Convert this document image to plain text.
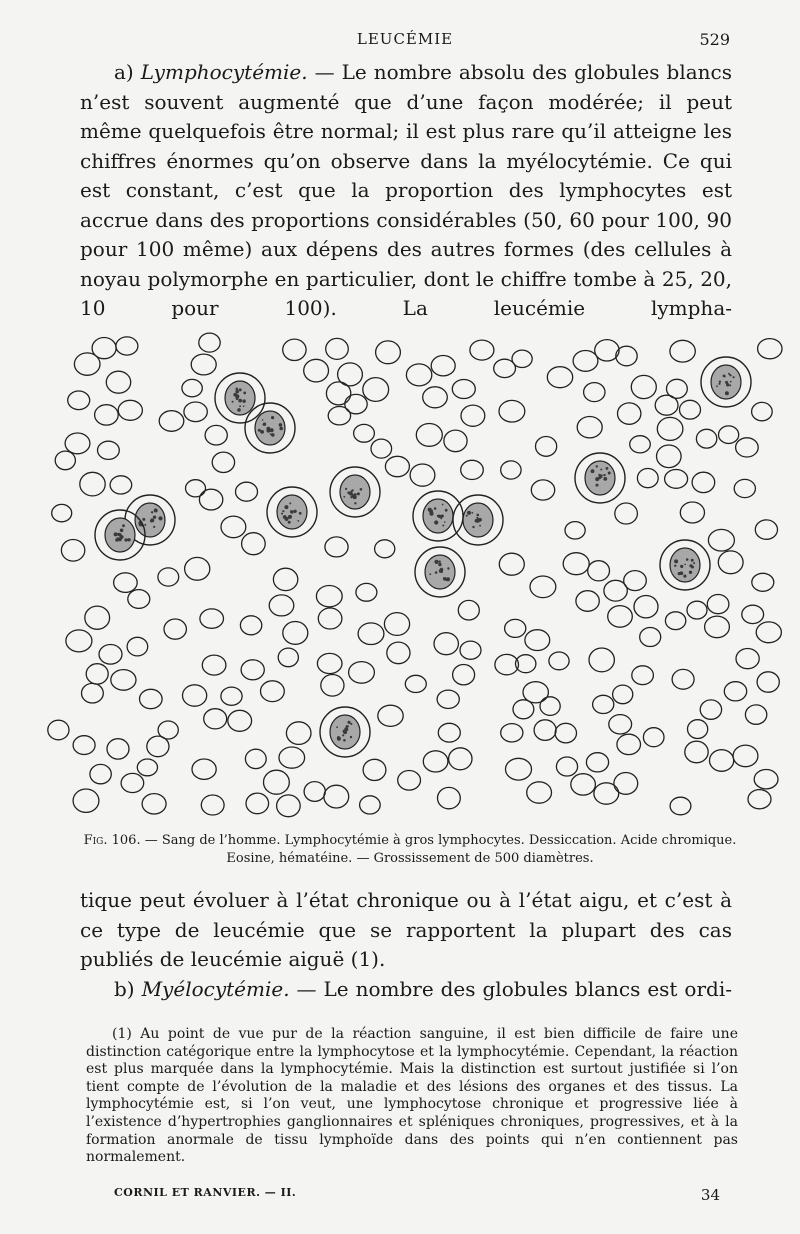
LEUCÉMIE	529

a) Lymphocytémie. — Le nombre absolu des globules blancs n’est souvent augmenté que d’une façon modérée; il peut même quelquefois être normal; il est plus rare qu’il atteigne les chiffres énormes qu’on observe dans la myélocytémie. Ce qui est constant, c’est que la proportion des lymphocytes est accrue dans des proportions considérables (50, 60 pour 100, 90 pour 100 même) aux dépens des autres formes (des cellules à noyau polymorphe en particulier, dont le chiffre tombe à 25, 20, 10 pour 100). La leucémie lympha-

Fig. 106. — Sang de l’homme. Lymphocytémie à gros lymphocytes. Dessiccation. Acide chromique. Eosine, hématéine. — Grossissement de 500 diamètres.

tique peut évoluer à l’état chronique ou à l’état aigu, et c’est à ce type de leucémie que se rapportent la plupart des cas publiés de leucémie aiguë (1).

b) Myélocytémie. — Le nombre des globules blancs est ordi-

(1) Au point de vue pur de la réaction sanguine, il est bien difficile de faire une distinction catégorique entre la lymphocytose et la lymphocytémie. Cependant, la réaction est plus marquée dans la lymphocytémie. Mais la distinction est surtout justifiée si l’on tient compte de l’évolution de la maladie et des lésions des organes et des tissus. La lymphocytémie est, si l’on veut, une lymphocytose chronique et progressive liée à l’existence d’hypertrophies ganglionnaires et spléniques chroniques, progressives, et à la formation anormale de tissu lymphoïde dans des points qui n’en contiennent pas normalement.

CORNIL ET RANVIER. — II.	34
